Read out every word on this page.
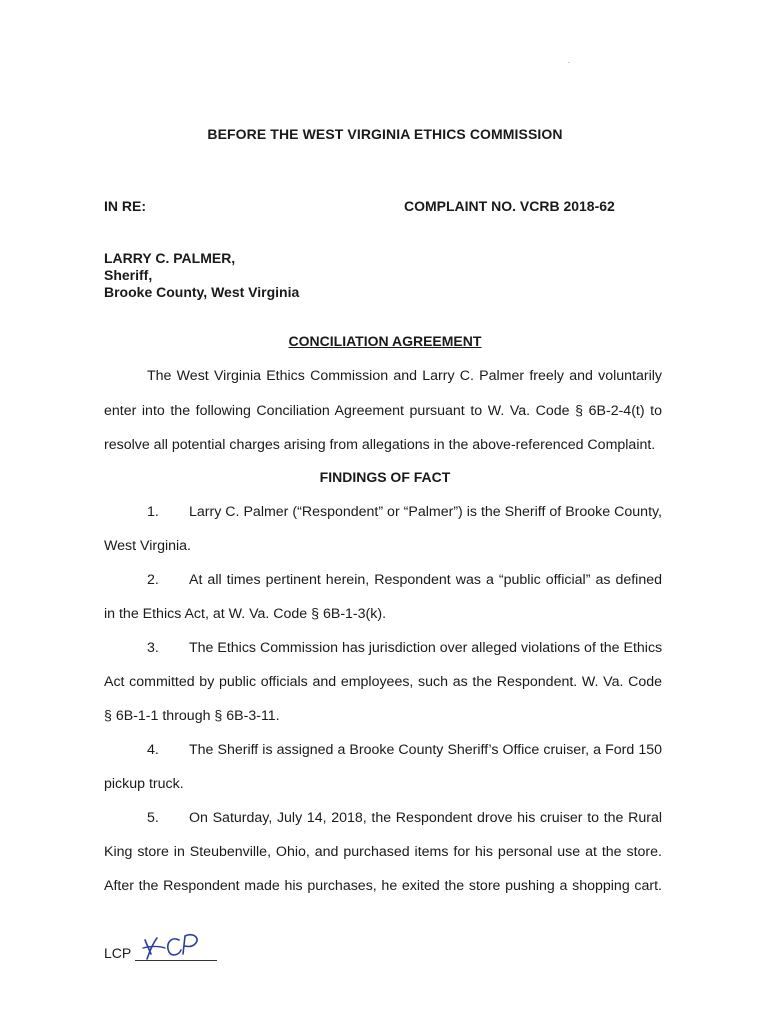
BEFORE THE WEST VIRGINIA ETHICS COMMISSION
IN RE:	COMPLAINT NO. VCRB 2018-62
LARRY C. PALMER,
Sheriff,
Brooke County, West Virginia
CONCILIATION AGREEMENT
The West Virginia Ethics Commission and Larry C. Palmer freely and voluntarily
enter into the following Conciliation Agreement pursuant to W. Va. Code § 6B-2-4(t) to
resolve all potential charges arising from allegations in the above-referenced Complaint.
FINDINGS OF FACT
1. Larry C. Palmer (“Respondent” or “Palmer”) is the Sheriff of Brooke County,
West Virginia.
2. At all times pertinent herein, Respondent was a “public official” as defined
in the Ethics Act, at W. Va. Code § 6B-1-3(k).
3. The Ethics Commission has jurisdiction over alleged violations of the Ethics
Act committed by public officials and employees, such as the Respondent. W. Va. Code
§ 6B-1-1 through § 6B-3-11.
4. The Sheriff is assigned a Brooke County Sheriff’s Office cruiser, a Ford 150
pickup truck.
5. On Saturday, July 14, 2018, the Respondent drove his cruiser to the Rural
King store in Steubenville, Ohio, and purchased items for his personal use at the store.
After the Respondent made his purchases, he exited the store pushing a shopping cart.
LCP
